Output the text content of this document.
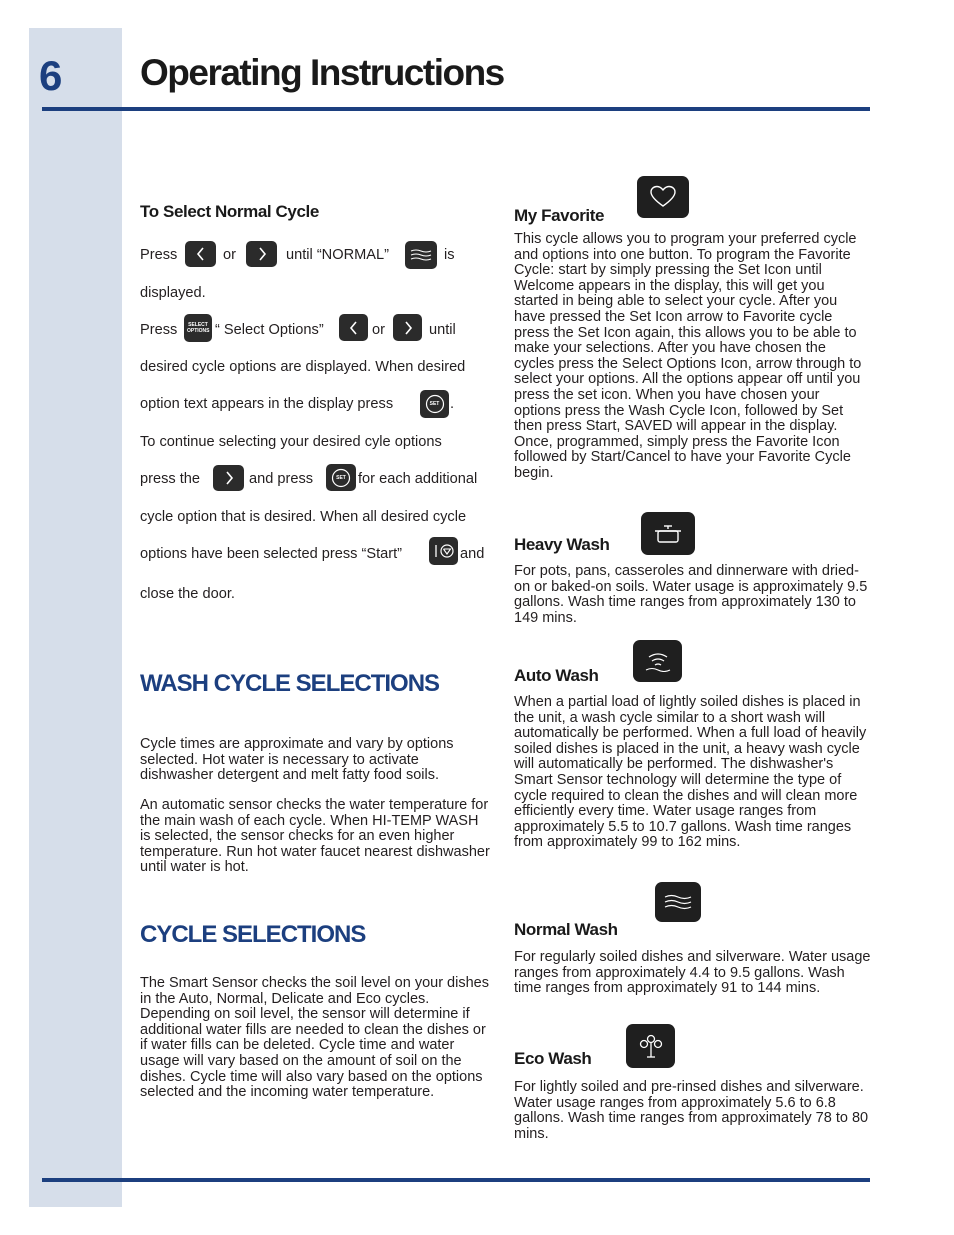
6 Operating Instructions
To Select Normal Cycle
Press	or	until “NORMAL”	is
displayed.
Press SELECT OPTIONS “ Select Options”	or	until
desired cycle options are displayed. When desired
option text appears in the display press	SET .
To continue selecting your desired cyle options
press the	and press	SET for each additional
cycle option that is desired. When all desired cycle
options have been selected press “Start”	and
close the door.
WASH CYCLE SELECTIONS
Cycle times are approximate and vary by options selected. Hot water is necessary to activate dishwasher detergent and melt fatty food soils.
An automatic sensor checks the water temperature for the main wash of each cycle. When HI-TEMP WASH is selected, the sensor checks for an even higher temperature. Run hot water faucet nearest dishwasher until water is hot.
CYCLE SELECTIONS
The Smart Sensor checks the soil level on your dishes in the Auto, Normal, Delicate and Eco cycles. Depending on soil level, the sensor will determine if additional water fills are needed to clean the dishes or if water fills can be deleted. Cycle time and water usage will vary based on the amount of soil on the dishes. Cycle time will also vary based on the options selected and the incoming water temperature.
My Favorite
This cycle allows you to program your preferred cycle and options into one button. To program the Favorite Cycle: start by simply pressing the Set Icon until Welcome appears in the display, this will get you started in being able to select your cycle. After you have pressed the Set Icon arrow to Favorite cycle press the Set Icon again, this allows you to be able to make your selections. After you have chosen the cycles press the Select Options Icon, arrow through to select your options. All the options appear off until you press the set icon. When you have chosen your options press the Wash Cycle Icon, followed by Set then press Start, SAVED will appear in the display. Once, programmed, simply press the Favorite Icon followed by Start/Cancel to have your Favorite Cycle begin.
Heavy Wash
For pots, pans, casseroles and dinnerware with dried-on or baked-on soils. Water usage is approximately 9.5 gallons. Wash time ranges from approximately 130 to 149 mins.
Auto Wash
When a partial load of lightly soiled dishes is placed in the unit, a wash cycle similar to a short wash will automatically be performed. When a full load of heavily soiled dishes is placed in the unit, a heavy wash cycle will automatically be performed. The dishwasher's Smart Sensor technology will determine the type of cycle required to clean the dishes and will clean more efficiently every time. Water usage ranges from approximately 5.5 to 10.7 gallons. Wash time ranges from approximately 99 to 162 mins.
Normal Wash
For regularly soiled dishes and silverware. Water usage ranges from approximately 4.4 to 9.5 gallons. Wash time ranges from approximately 91 to 144 mins.
Eco Wash
For lightly soiled and pre-rinsed dishes and silverware. Water usage ranges from approximately 5.6 to 6.8 gallons. Wash time ranges from approximately 78 to 80 mins.
